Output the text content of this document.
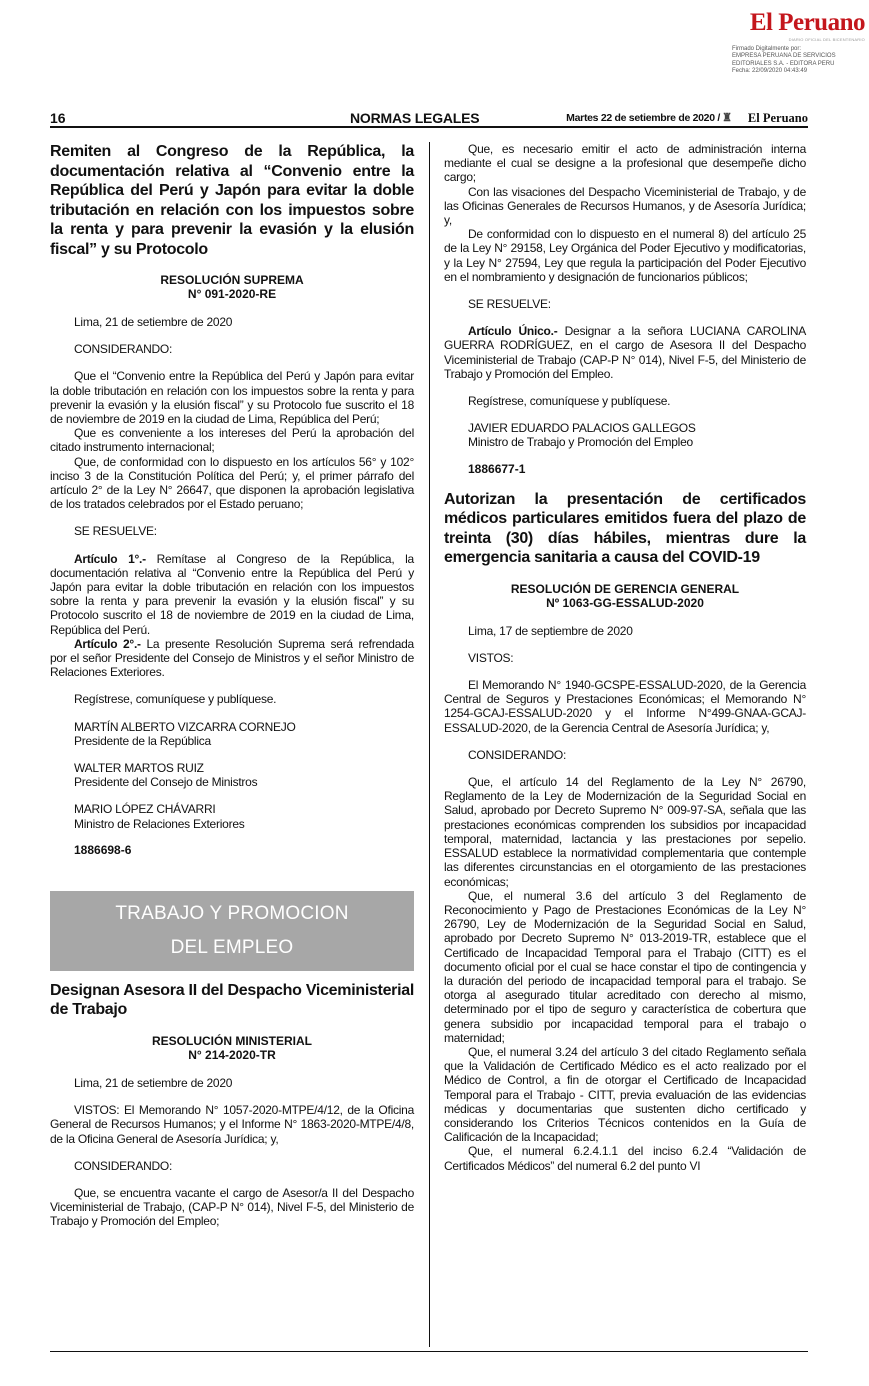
El Peruano
DIARIO OFICIAL DEL BICENTENARIO
Firmado Digitalmente por:
EMPRESA PERUANA DE SERVICIOS
EDITORIALES S.A. - EDITORA PERU
Fecha: 22/09/2020 04:43:49
16	NORMAS LEGALES	Martes 22 de setiembre de 2020 / ♜ El Peruano

Remiten al Congreso de la República, la documentación relativa al “Convenio entre la República del Perú y Japón para evitar la doble tributación en relación con los impuestos sobre la renta y para prevenir la evasión y la elusión fiscal” y su Protocolo

RESOLUCIÓN SUPREMA
N° 091-2020-RE

Lima, 21 de setiembre de 2020

CONSIDERANDO:

Que el “Convenio entre la República del Perú y Japón para evitar la doble tributación en relación con los impuestos sobre la renta y para prevenir la evasión y la elusión fiscal” y su Protocolo fue suscrito el 18 de noviembre de 2019 en la ciudad de Lima, República del Perú;

Que es conveniente a los intereses del Perú la aprobación del citado instrumento internacional;

Que, de conformidad con lo dispuesto en los artículos 56° y 102° inciso 3 de la Constitución Política del Perú; y, el primer párrafo del artículo 2° de la Ley N° 26647, que disponen la aprobación legislativa de los tratados celebrados por el Estado peruano;

SE RESUELVE:

Artículo 1°.- Remítase al Congreso de la República, la documentación relativa al “Convenio entre la República del Perú y Japón para evitar la doble tributación en relación con los impuestos sobre la renta y para prevenir la evasión y la elusión fiscal” y su Protocolo suscrito el 18 de noviembre de 2019 en la ciudad de Lima, República del Perú.

Artículo 2°.- La presente Resolución Suprema será refrendada por el señor Presidente del Consejo de Ministros y el señor Ministro de Relaciones Exteriores.

Regístrese, comuníquese y publíquese.

MARTÍN ALBERTO VIZCARRA CORNEJO

Presidente de la República

WALTER MARTOS RUIZ

Presidente del Consejo de Ministros

MARIO LÓPEZ CHÁVARRI

Ministro de Relaciones Exteriores

1886698-6
TRABAJO Y PROMOCION
DEL EMPLEO

Designan Asesora II del Despacho Viceministerial de Trabajo

RESOLUCIÓN MINISTERIAL
N° 214-2020-TR

Lima, 21 de setiembre de 2020

VISTOS: El Memorando N° 1057-2020-MTPE/4/12, de la Oficina General de Recursos Humanos; y el Informe N° 1863-2020-MTPE/4/8, de la Oficina General de Asesoría Jurídica; y,

CONSIDERANDO:

Que, se encuentra vacante el cargo de Asesor/a II del Despacho Viceministerial de Trabajo, (CAP-P N° 014), Nivel F-5, del Ministerio de Trabajo y Promoción del Empleo;

Que, es necesario emitir el acto de administración interna mediante el cual se designe a la profesional que desempeñe dicho cargo;

Con las visaciones del Despacho Viceministerial de Trabajo, y de las Oficinas Generales de Recursos Humanos, y de Asesoría Jurídica; y,

De conformidad con lo dispuesto en el numeral 8) del artículo 25 de la Ley N° 29158, Ley Orgánica del Poder Ejecutivo y modificatorias, y la Ley N° 27594, Ley que regula la participación del Poder Ejecutivo en el nombramiento y designación de funcionarios públicos;

SE RESUELVE:

Artículo Único.- Designar a la señora LUCIANA CAROLINA GUERRA RODRÍGUEZ, en el cargo de Asesora II del Despacho Viceministerial de Trabajo (CAP-P N° 014), Nivel F-5, del Ministerio de Trabajo y Promoción del Empleo.

Regístrese, comuníquese y publíquese.

JAVIER EDUARDO PALACIOS GALLEGOS

Ministro de Trabajo y Promoción del Empleo

1886677-1

Autorizan la presentación de certificados médicos particulares emitidos fuera del plazo de treinta (30) días hábiles, mientras dure la emergencia sanitaria a causa del COVID-19

RESOLUCIÓN DE GERENCIA GENERAL
Nº 1063-GG-ESSALUD-2020

Lima, 17 de septiembre de 2020

VISTOS:

El Memorando N° 1940-GCSPE-ESSALUD-2020, de la Gerencia Central de Seguros y Prestaciones Económicas; el Memorando N° 1254-GCAJ-ESSALUD-2020 y el Informe N°499-GNAA-GCAJ-ESSALUD-2020, de la Gerencia Central de Asesoría Jurídica; y,

CONSIDERANDO:

Que, el artículo 14 del Reglamento de la Ley N° 26790, Reglamento de la Ley de Modernización de la Seguridad Social en Salud, aprobado por Decreto Supremo N° 009-97-SA, señala que las prestaciones económicas comprenden los subsidios por incapacidad temporal, maternidad, lactancia y las prestaciones por sepelio. ESSALUD establece la normatividad complementaria que contemple las diferentes circunstancias en el otorgamiento de las prestaciones económicas;

Que, el numeral 3.6 del artículo 3 del Reglamento de Reconocimiento y Pago de Prestaciones Económicas de la Ley N° 26790, Ley de Modernización de la Seguridad Social en Salud, aprobado por Decreto Supremo N° 013-2019-TR, establece que el Certificado de Incapacidad Temporal para el Trabajo (CITT) es el documento oficial por el cual se hace constar el tipo de contingencia y la duración del periodo de incapacidad temporal para el trabajo. Se otorga al asegurado titular acreditado con derecho al mismo, determinado por el tipo de seguro y característica de cobertura que genera subsidio por incapacidad temporal para el trabajo o maternidad;

Que, el numeral 3.24 del artículo 3 del citado Reglamento señala que la Validación de Certificado Médico es el acto realizado por el Médico de Control, a fin de otorgar el Certificado de Incapacidad Temporal para el Trabajo - CITT, previa evaluación de las evidencias médicas y documentarias que sustenten dicho certificado y considerando los Criterios Técnicos contenidos en la Guía de Calificación de la Incapacidad;

Que, el numeral 6.2.4.1.1 del inciso 6.2.4 “Validación de Certificados Médicos” del numeral 6.2 del punto VI
